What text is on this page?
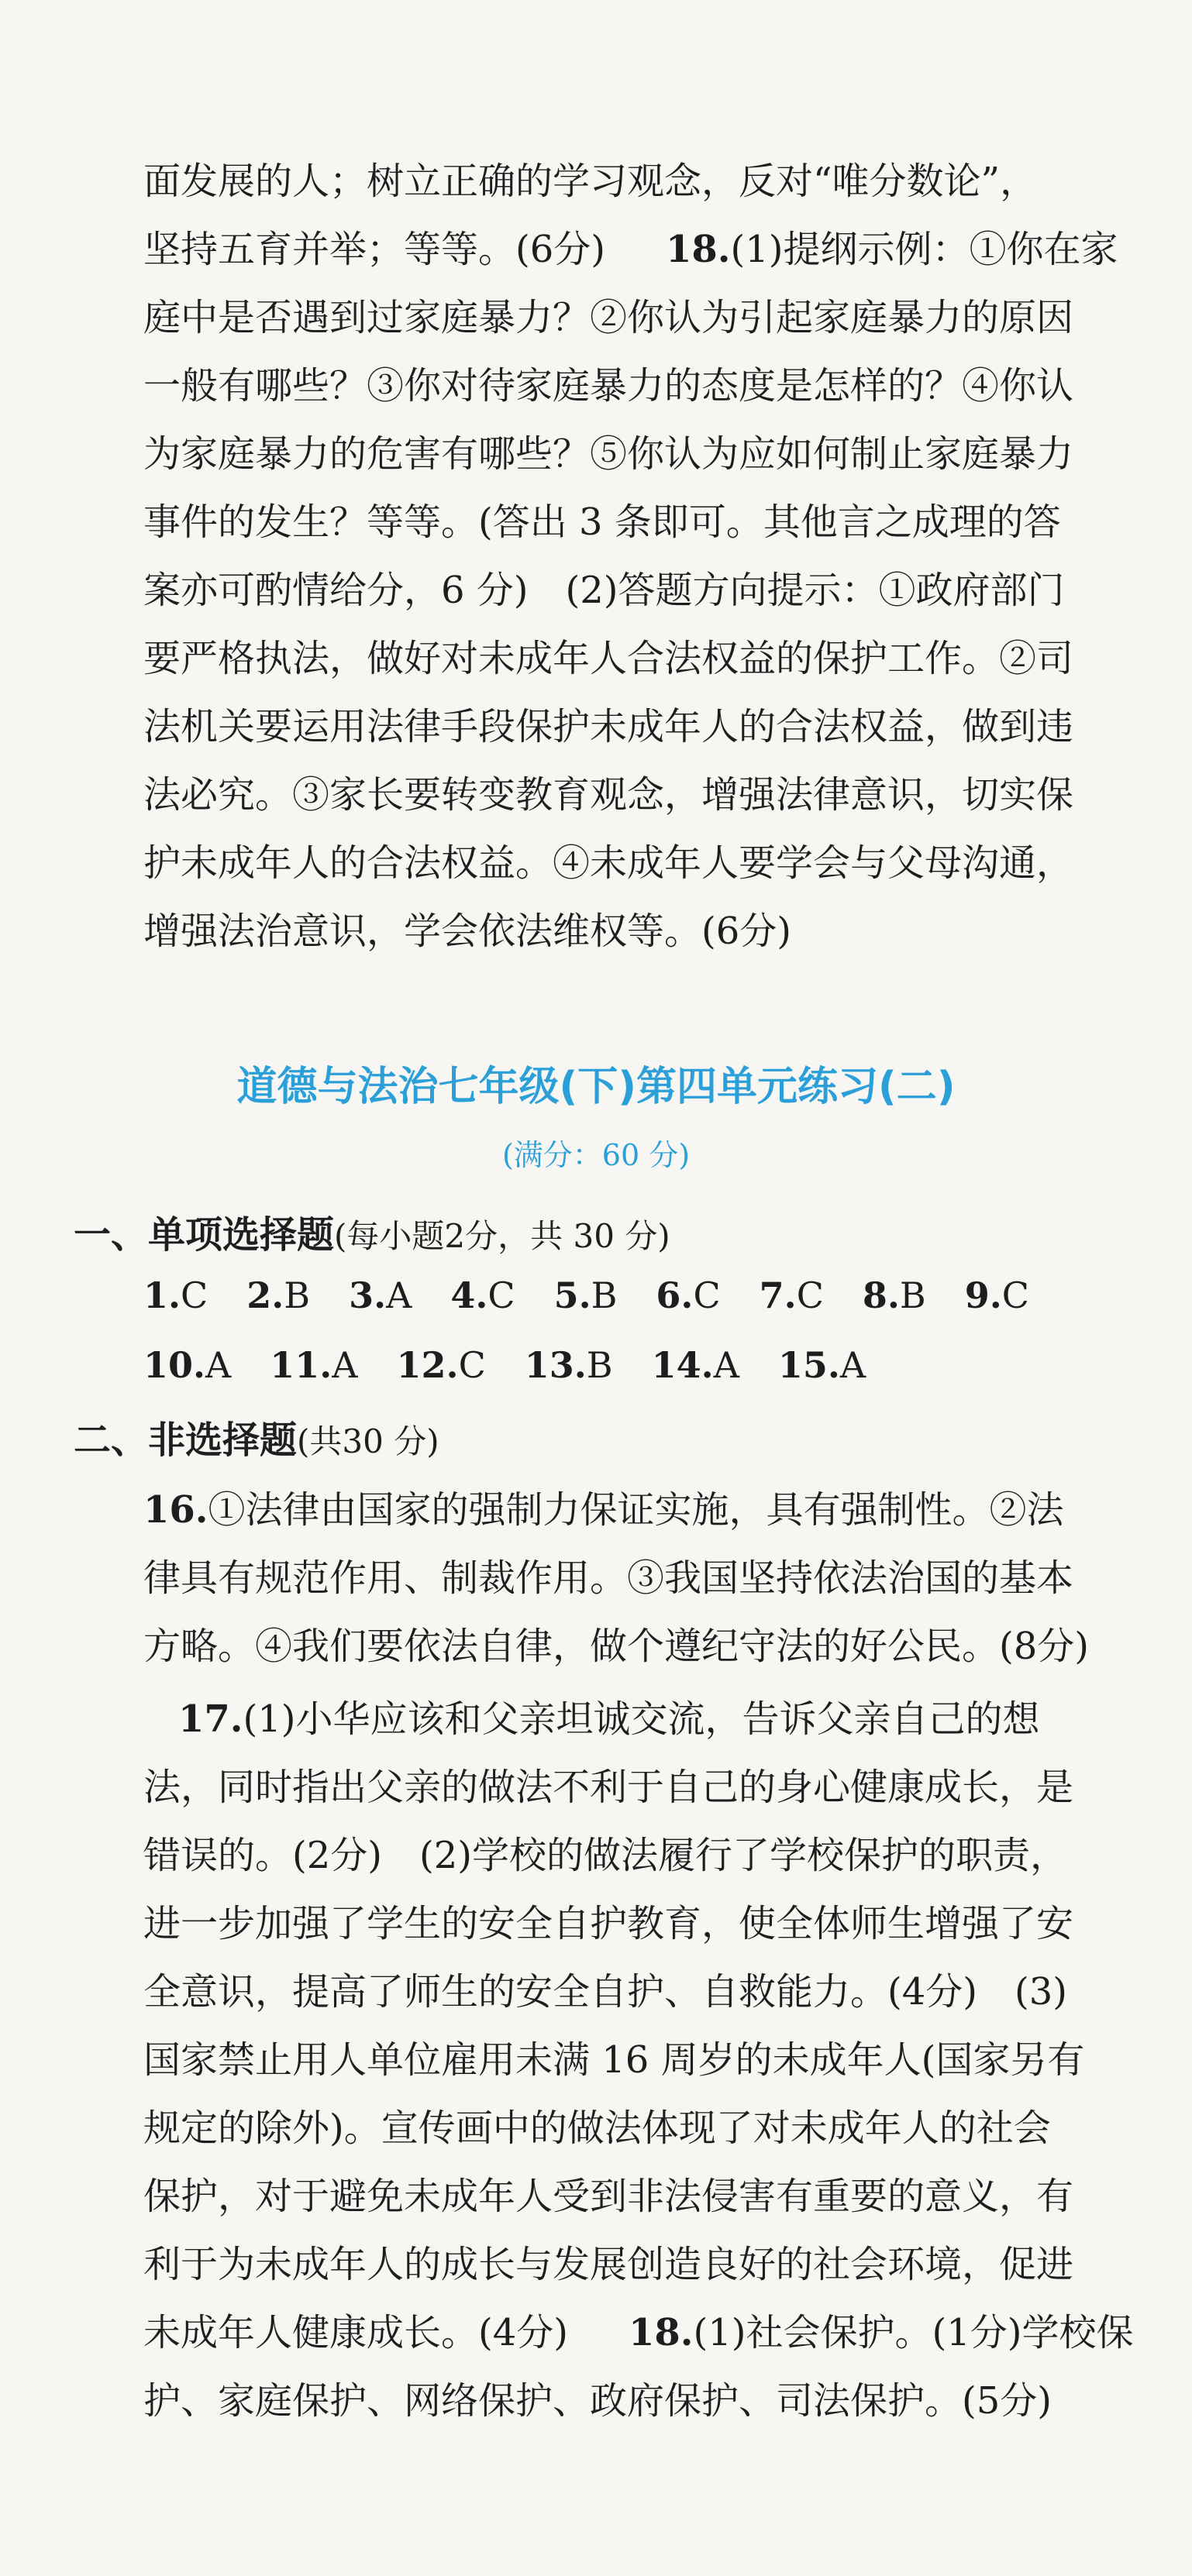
面发展的人；树立正确的学习观念，反对“唯分数论”，
坚持五育并举；等等。(6分)　 18. (1)提纲示例：①你在家
庭中是否遇到过家庭暴力？②你认为引起家庭暴力的原因
一般有哪些？③你对待家庭暴力的态度是怎样的？④你认
为家庭暴力的危害有哪些？⑤你认为应如何制止家庭暴力
事件的发生？等等。(答出 3 条即可。其他言之成理的答
案亦可酌情给分，6 分)　(2)答题方向提示：①政府部门
要严格执法，做好对未成年人合法权益的保护工作。②司
法机关要运用法律手段保护未成年人的合法权益，做到违
法必究。③家长要转变教育观念，增强法律意识，切实保
护未成年人的合法权益。④未成年人要学会与父母沟通，
增强法治意识，学会依法维权等。(6分)
道德与法治七年级(下)第四单元练习(二)
(满分：60 分)
一、单项选择题(每小题2分，共 30 分)
1.C 2.B 3.A 4.C 5.B 6.C 7.C 8.B 9.C
10.A 11.A 12.C 13.B 14.A 15.A
二、非选择题(共30 分)
16.①法律由国家的强制力保证实施，具有强制性。②法
律具有规范作用、制裁作用。③我国坚持依法治国的基本
方略。④我们要依法自律，做个遵纪守法的好公民。(8分)
17.(1)小华应该和父亲坦诚交流，告诉父亲自己的想
法，同时指出父亲的做法不利于自己的身心健康成长，是
错误的。(2分)　(2)学校的做法履行了学校保护的职责，
进一步加强了学生的安全自护教育，使全体师生增强了安
全意识，提高了师生的安全自护、自救能力。(4分)　(3)
国家禁止用人单位雇用未满 16 周岁的未成年人(国家另有
规定的除外)。宣传画中的做法体现了对未成年人的社会
保护，对于避免未成年人受到非法侵害有重要的意义，有
利于为未成年人的成长与发展创造良好的社会环境，促进
未成年人健康成长。(4分)　 18. (1)社会保护。(1分)学校保
护、家庭保护、网络保护、政府保护、司法保护。(5分)
